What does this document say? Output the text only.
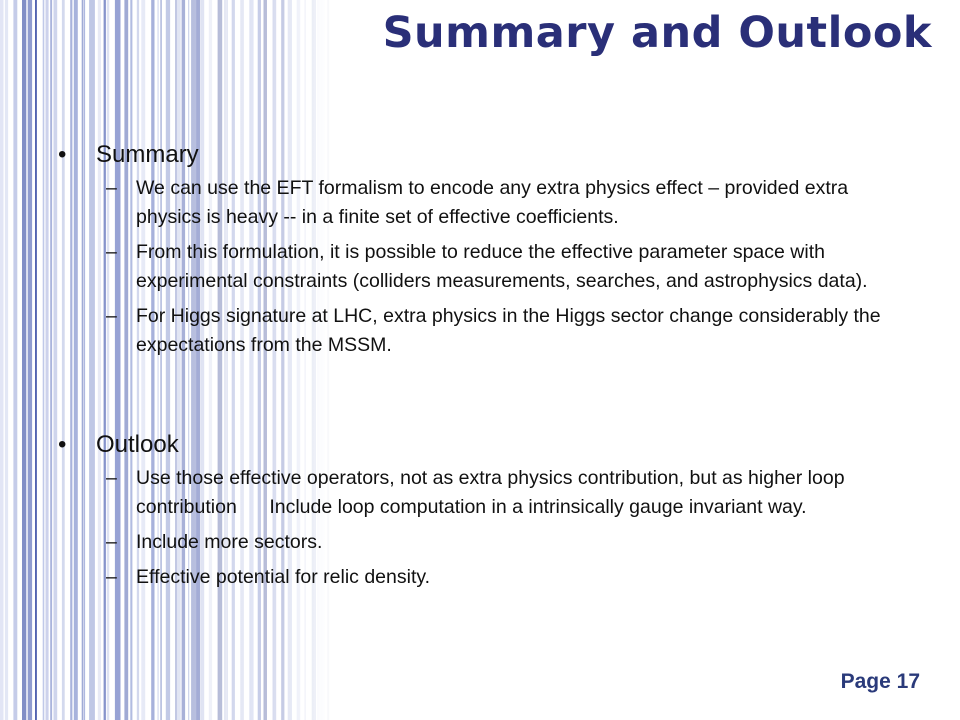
Summary and Outlook
• Summary
– We can use the EFT formalism to encode any extra physics effect – provided extra physics is heavy -- in a finite set of effective coefficients.
– From this formulation, it is possible to reduce the effective parameter space with experimental constraints (colliders measurements, searches, and astrophysics data).
– For Higgs signature at LHC, extra physics in the Higgs sector change considerably the expectations from the MSSM.
• Outlook
– Use those effective operators, not as extra physics contribution, but as higher loop contribution      Include loop computation in a intrinsically gauge invariant way.
– Include more sectors.
– Effective potential for relic density.
Page 17
